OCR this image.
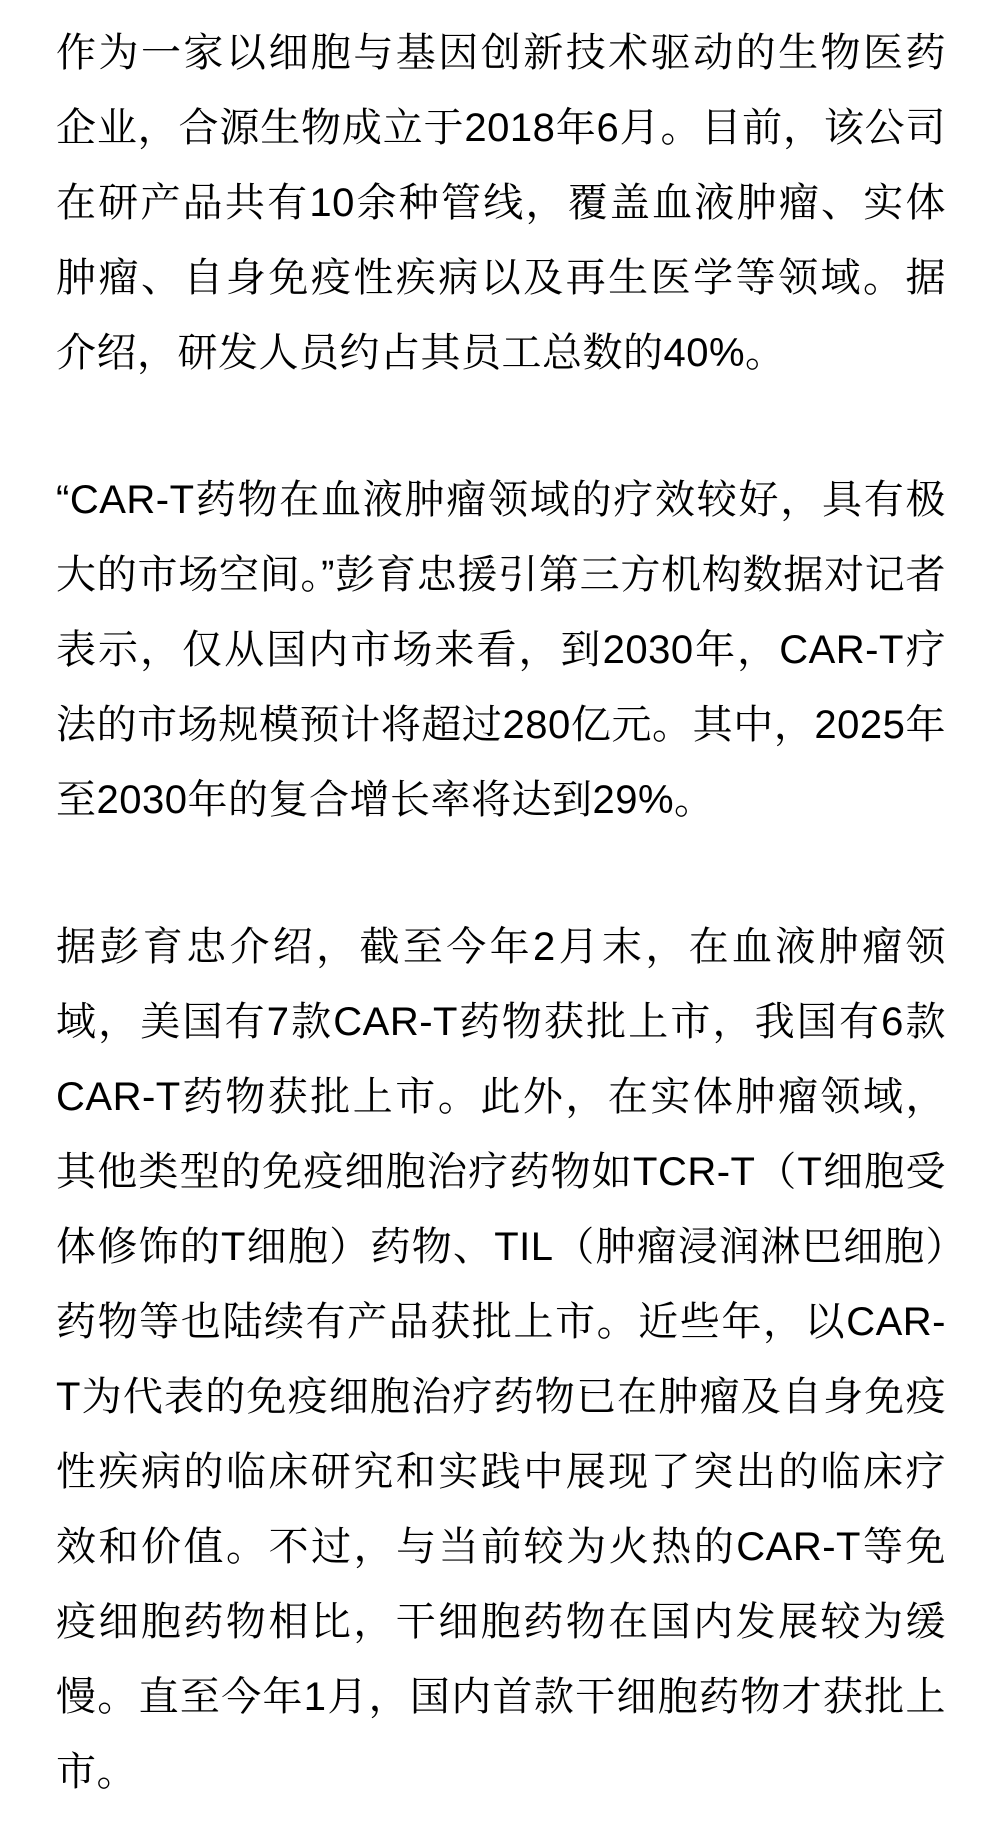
作为一家以细胞与基因创新技术驱动的生物医药企业，合源生物成立于2018年6月。目前，该公司在研产品共有10余种管线，覆盖血液肿瘤、实体肿瘤、自身免疫性疾病以及再生医学等领域。据介绍，研发人员约占其员工总数的40%。

“CAR-T药物在血液肿瘤领域的疗效较好，具有极大的市场空间。”彭育忠援引第三方机构数据对记者表示，仅从国内市场来看，到2030年，CAR-T疗法的市场规模预计将超过280亿元。其中，2025年至2030年的复合增长率将达到29%。

据彭育忠介绍，截至今年2月末，在血液肿瘤领域，美国有7款CAR-T药物获批上市，我国有6款CAR-T药物获批上市。此外，在实体肿瘤领域，其他类型的免疫细胞治疗药物如TCR-T（T细胞受体修饰的T细胞）药物、TIL（肿瘤浸润淋巴细胞）药物等也陆续有产品获批上市。近些年，以CAR-T为代表的免疫细胞治疗药物已在肿瘤及自身免疫性疾病的临床研究和实践中展现了突出的临床疗效和价值。不过，与当前较为火热的CAR-T等免疫细胞药物相比，干细胞药物在国内发展较为缓慢。直至今年1月，国内首款干细胞药物才获批上市。
